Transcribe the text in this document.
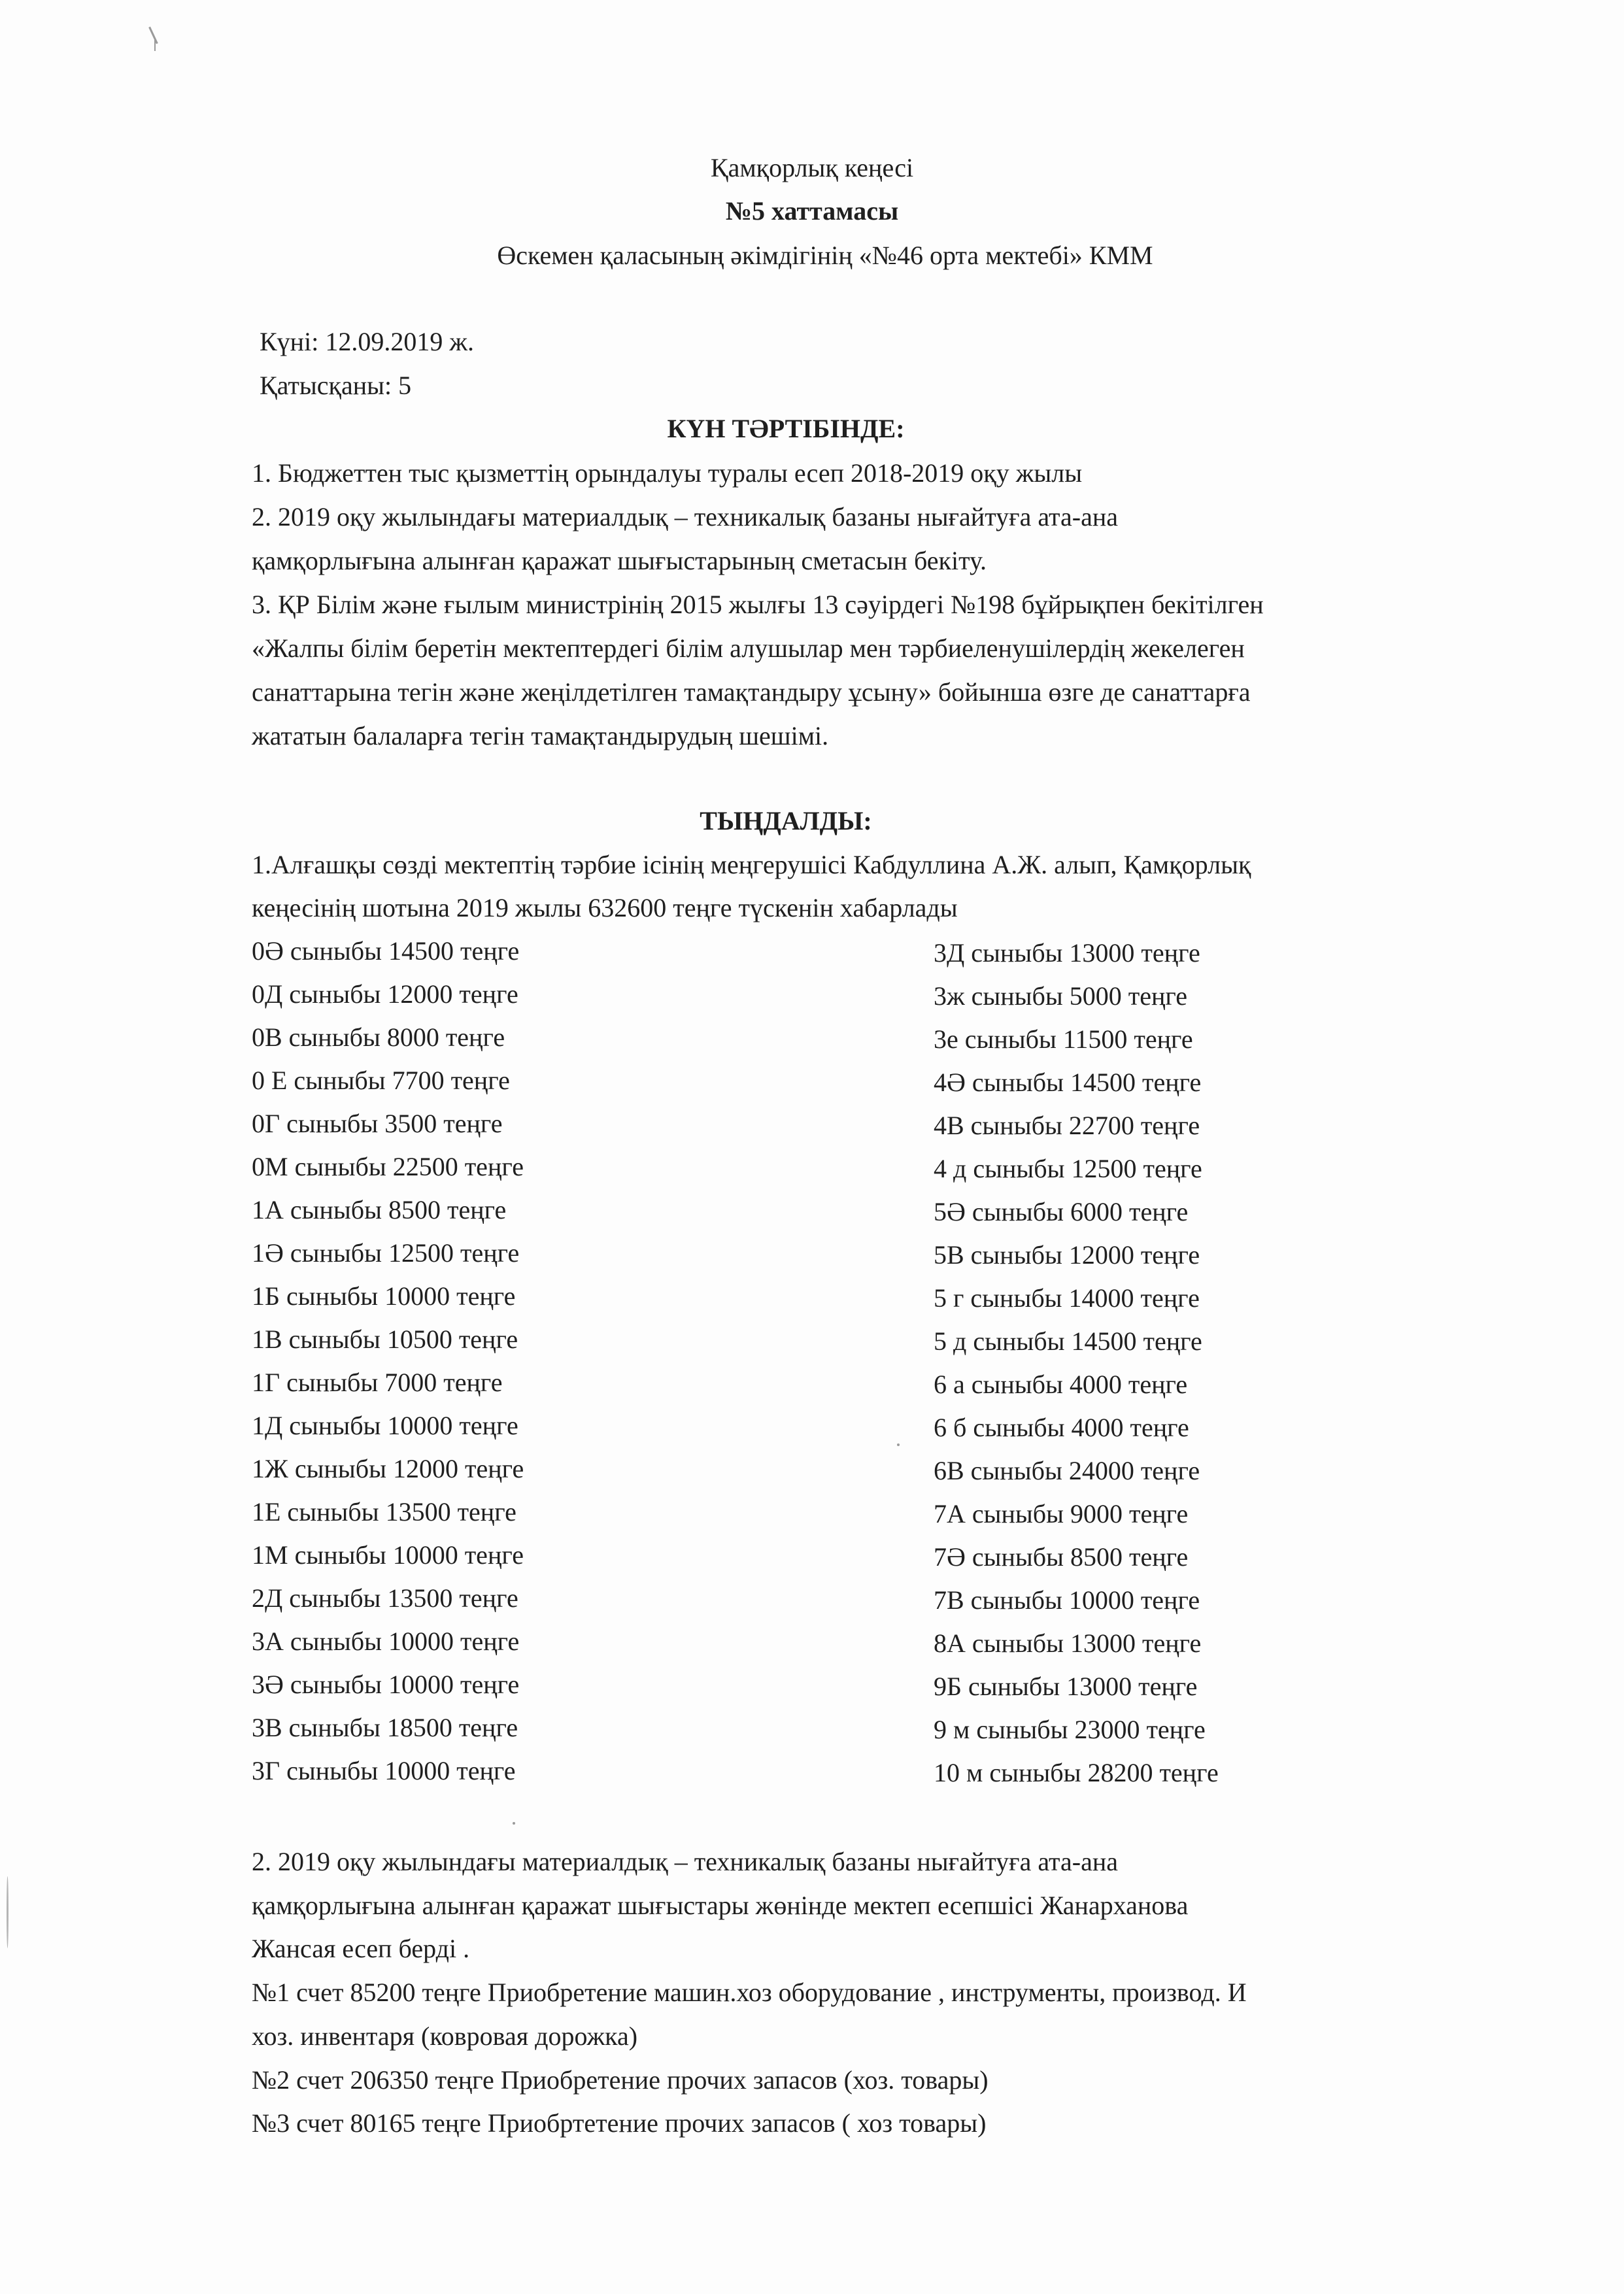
Қамқорлық кеңесі
№5 хаттамасы
Өскемен қаласының әкімдігінің «№46 орта мектебі» КММ
Күні: 12.09.2019 ж.
Қатысқаны: 5
КҮН ТӘРТІБІНДЕ:
1. Бюджеттен тыс қызметтің орындалуы туралы есеп 2018-2019 оқу жылы
2. 2019 оқу жылындағы материалдық – техникалық базаны нығайтуға ата-ана
қамқорлығына алынған қаражат шығыстарының сметасын бекіту.
3. ҚР Білім және ғылым министрінің 2015 жылғы 13 сәуірдегі №198 бұйрықпен бекітілген
«Жалпы білім беретін мектептердегі білім алушылар мен тәрбиеленушілердің жекелеген
санаттарына тегін және жеңілдетілген тамақтандыру ұсыну» бойынша өзге де санаттарға
жататын балаларға тегін тамақтандырудың шешімі.
ТЫҢДАЛДЫ:
1.Алғашқы сөзді мектептің тәрбие ісінің меңгерушісі Кабдуллина А.Ж. алып, Қамқорлық
кеңесінің шотына 2019 жылы 632600 теңге түскенін хабарлады
0Ә сыныбы 14500 теңге
0Д сыныбы 12000 теңге
0В сыныбы 8000 теңге
0 Е сыныбы 7700 теңге
0Г сыныбы 3500 теңге
0М сыныбы 22500 теңге
1А сыныбы 8500 теңге
1Ә сыныбы 12500 теңге
1Б сыныбы 10000 теңге
1В сыныбы 10500 теңге
1Г сыныбы 7000 теңге
1Д сыныбы 10000 теңге
1Ж сыныбы 12000 теңге
1Е сыныбы 13500 теңге
1М сыныбы 10000 теңге
2Д сыныбы 13500 теңге
3А сыныбы 10000 теңге
3Ә сыныбы 10000 теңге
3В сыныбы 18500 теңге
3Г сыныбы 10000 теңге
3Д сыныбы 13000 теңге
3ж сыныбы 5000 теңге
3е сыныбы 11500 теңге
4Ә сыныбы 14500 теңге
4В сыныбы 22700 теңге
4 д сыныбы 12500 теңге
5Ә сыныбы 6000 теңге
5В сыныбы 12000 теңге
5 г сыныбы 14000 теңге
5 д сыныбы 14500 теңге
6 а сыныбы 4000 теңге
6 б сыныбы 4000 теңге
6В сыныбы 24000 теңге
7А сыныбы 9000 теңге
7Ә сыныбы 8500 теңге
7В сыныбы 10000 теңге
8А сыныбы 13000 теңге
9Б сыныбы 13000 теңге
9 м сыныбы 23000 теңге
10 м сыныбы 28200 теңге
2. 2019 оқу жылындағы материалдық – техникалық базаны нығайтуға ата-ана
қамқорлығына алынған қаражат шығыстары жөнінде мектеп есепшісі Жанарханова
Жансая есеп берді .
№1 счет 85200 теңге Приобретение машин.хоз оборудование , инструменты, производ. И
хоз. инвентаря (ковровая дорожка)
№2 счет 206350 теңге Приобретение прочих запасов (хоз. товары)
№3 счет 80165 теңге Приобртетение прочих запасов ( хоз товары)
